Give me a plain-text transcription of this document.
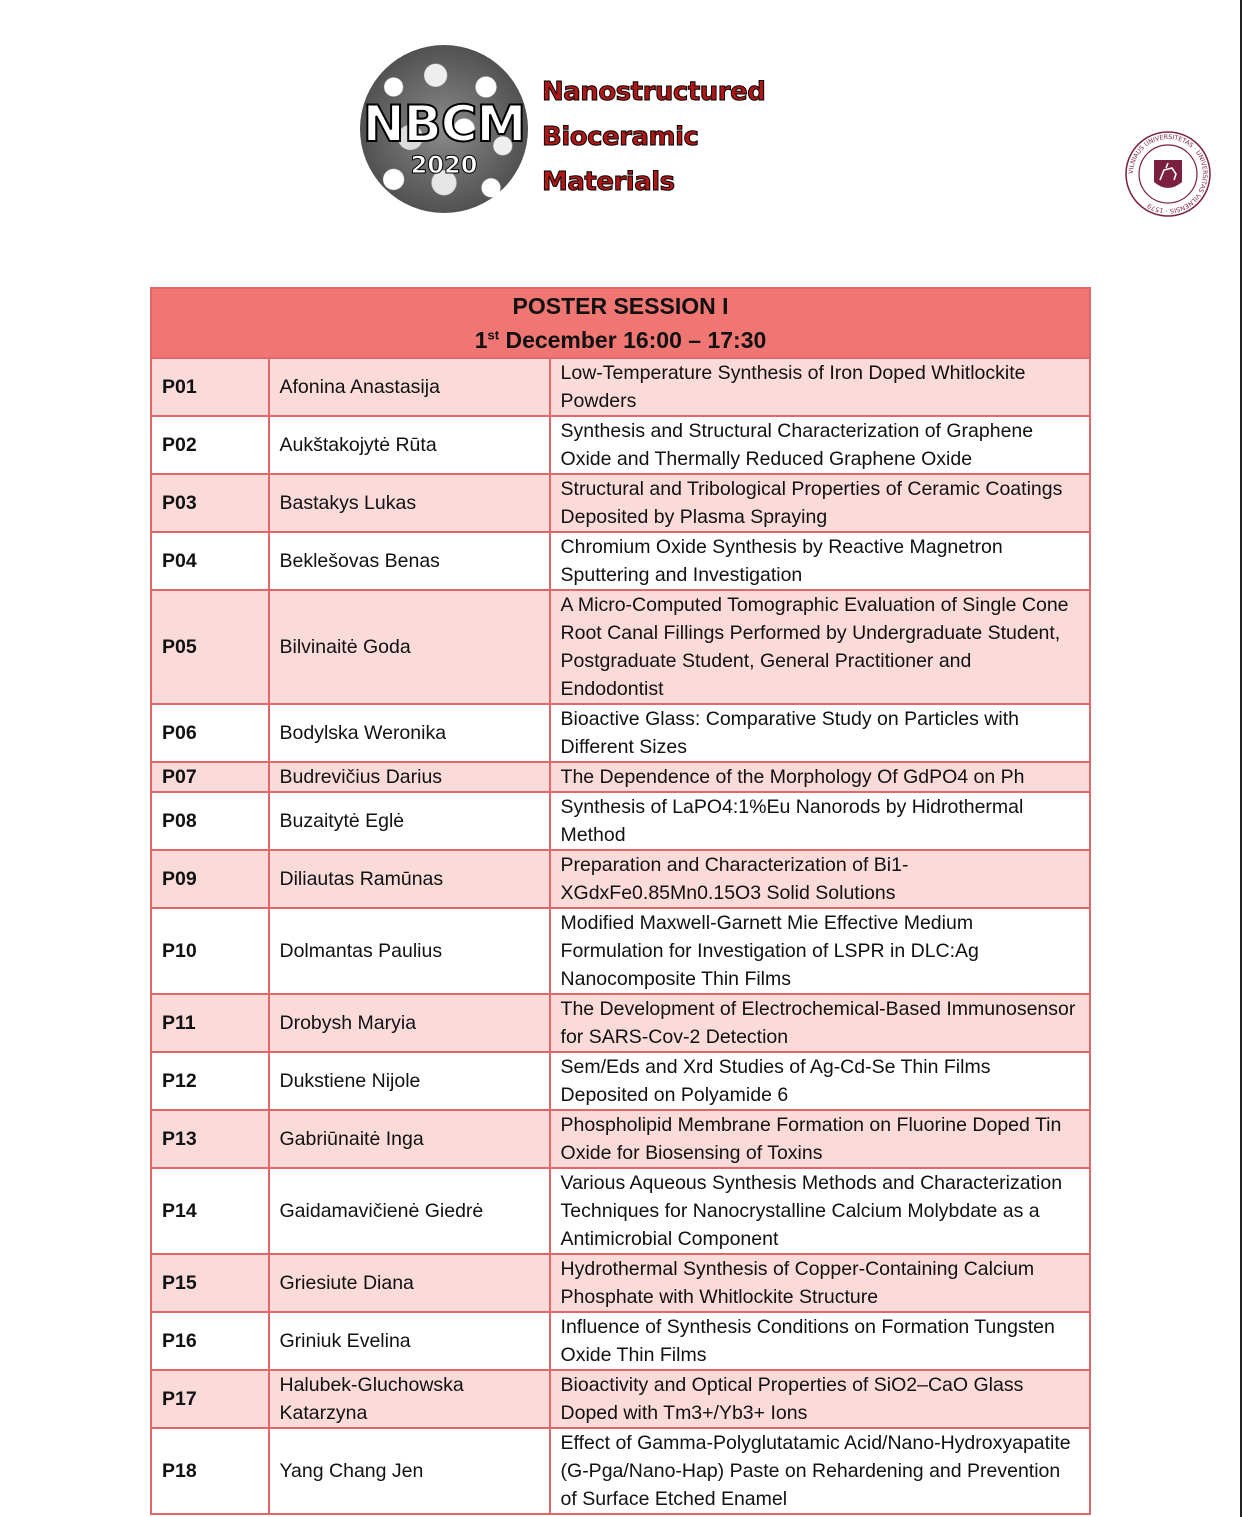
NBCM
2020
Nanostructured
Bioceramic
Materials	VILNIAUS UNIVERSITETAS · UNIVERSITAS VILNENSIS · 1579
POSTER SESSION I
1st December 16:00 – 17:30		

P01	Afonina Anastasija	Low-Temperature Synthesis of Iron Doped Whitlockite Powders
P02	Aukštakojytė Rūta	Synthesis and Structural Characterization of Graphene Oxide and Thermally Reduced Graphene Oxide
P03	Bastakys Lukas	Structural and Tribological Properties of Ceramic Coatings Deposited by Plasma Spraying
P04	Beklešovas Benas	Chromium Oxide Synthesis by Reactive Magnetron Sputtering and Investigation
P05	Bilvinaitė Goda	A Micro-Computed Tomographic Evaluation of Single Cone Root Canal Fillings Performed by Undergraduate Student, Postgraduate Student, General Practitioner and Endodontist
P06	Bodylska Weronika	Bioactive Glass: Comparative Study on Particles with Different Sizes
P07	Budrevičius Darius	The Dependence of the Morphology Of GdPO4 on Ph
P08	Buzaitytė Eglė	Synthesis of LaPO4:1%Eu Nanorods by Hidrothermal Method
P09	Diliautas Ramūnas	Preparation and Characterization of Bi1-XGdxFe0.85Mn0.15O3 Solid Solutions
P10	Dolmantas Paulius	Modified Maxwell-Garnett Mie Effective Medium Formulation for Investigation of LSPR in DLC:Ag Nanocomposite Thin Films
P11	Drobysh Maryia	The Development of Electrochemical-Based Immunosensor for SARS-Cov-2 Detection
P12	Dukstiene Nijole	Sem/Eds and Xrd Studies of Ag-Cd-Se Thin Films Deposited on Polyamide 6
P13	Gabriūnaitė Inga	Phospholipid Membrane Formation on Fluorine Doped Tin Oxide for Biosensing of Toxins
P14	Gaidamavičienė Giedrė	Various Aqueous Synthesis Methods and Characterization Techniques for Nanocrystalline Calcium Molybdate as a Antimicrobial Component
P15	Griesiute Diana	Hydrothermal Synthesis of Copper-Containing Calcium Phosphate with Whitlockite Structure
P16	Griniuk Evelina	Influence of Synthesis Conditions on Formation Tungsten Oxide Thin Films
P17	Halubek-Gluchowska Katarzyna	Bioactivity and Optical Properties of SiO2–CaO Glass Doped with Tm3+/Yb3+ Ions
P18	Yang Chang Jen	Effect of Gamma-Polyglutatamic Acid/Nano-Hydroxyapatite (G-Pga/Nano-Hap) Paste on Rehardening and Prevention of Surface Etched Enamel
